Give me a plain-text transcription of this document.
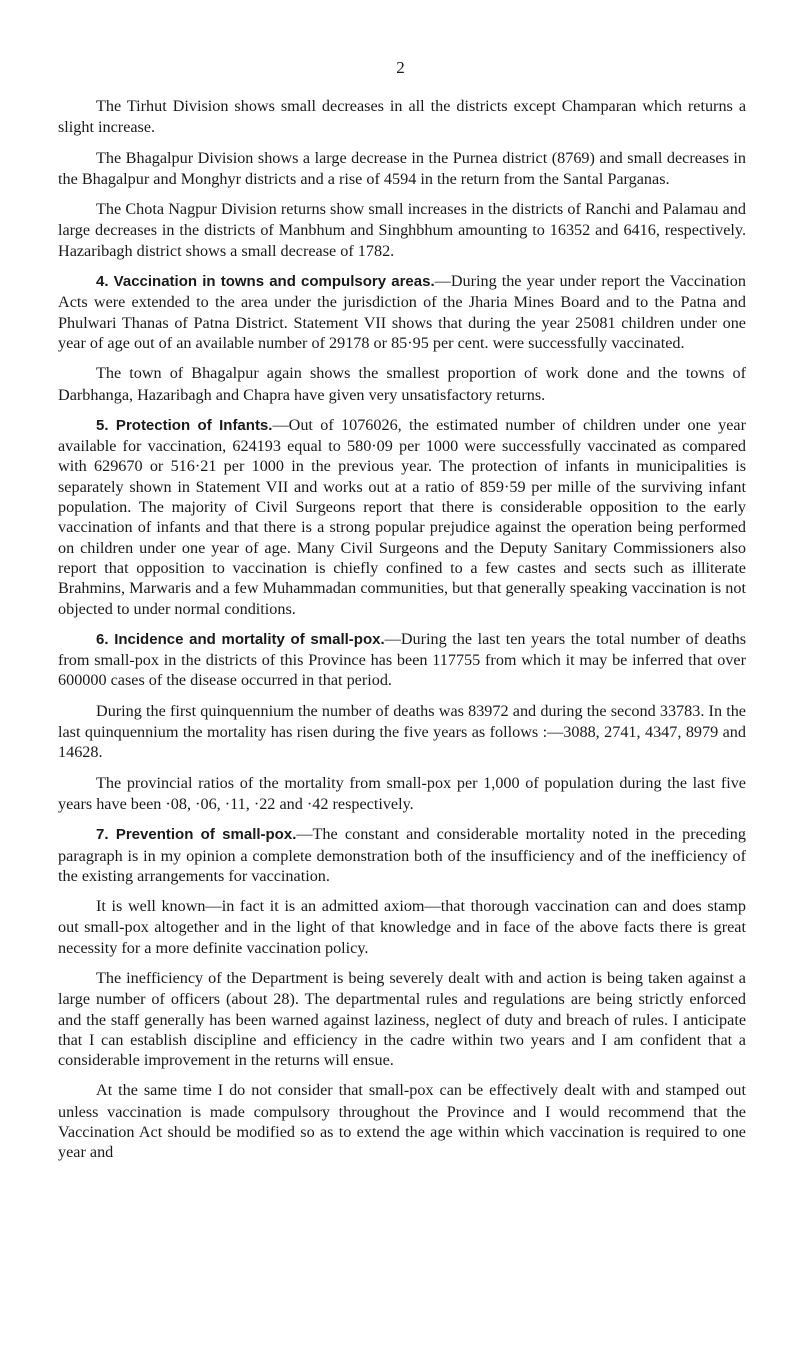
2

The Tirhut Division shows small decreases in all the districts except Champaran which returns a slight increase.

The Bhagalpur Division shows a large decrease in the Purnea district (8769) and small decreases in the Bhagalpur and Monghyr districts and a rise of 4594 in the return from the Santal Parganas.

The Chota Nagpur Division returns show small increases in the districts of Ranchi and Palamau and large decreases in the districts of Manbhum and Singhbhum amounting to 16352 and 6416, respectively. Hazaribagh district shows a small decrease of 1782.

4. Vaccination in towns and compulsory areas.—During the year under report the Vaccination Acts were extended to the area under the jurisdiction of the Jharia Mines Board and to the Patna and Phulwari Thanas of Patna District. Statement VII shows that during the year 25081 children under one year of age out of an available number of 29178 or 85·95 per cent. were successfully vaccinated.

The town of Bhagalpur again shows the smallest proportion of work done and the towns of Darbhanga, Hazaribagh and Chapra have given very unsatisfactory returns.

5. Protection of Infants.—Out of 1076026, the estimated number of children under one year available for vaccination, 624193 equal to 580·09 per 1000 were successfully vaccinated as compared with 629670 or 516·21 per 1000 in the previous year. The protection of infants in municipalities is separately shown in Statement VII and works out at a ratio of 859·59 per mille of the surviving infant population. The majority of Civil Surgeons report that there is considerable opposition to the early vaccination of infants and that there is a strong popular prejudice against the operation being performed on children under one year of age. Many Civil Surgeons and the Deputy Sanitary Commissioners also report that opposition to vaccination is chiefly confined to a few castes and sects such as illiterate Brahmins, Marwaris and a few Muhammadan communities, but that generally speaking vaccination is not objected to under normal conditions.

6. Incidence and mortality of small-pox.—During the last ten years the total number of deaths from small-pox in the districts of this Province has been 117755 from which it may be inferred that over 600000 cases of the disease occurred in that period.

During the first quinquennium the number of deaths was 83972 and during the second 33783. In the last quinquennium the mortality has risen during the five years as follows :—3088, 2741, 4347, 8979 and 14628.

The provincial ratios of the mortality from small-pox per 1,000 of population during the last five years have been ·08, ·06, ·11, ·22 and ·42 respectively.

7. Prevention of small-pox.—The constant and considerable mortality noted in the preceding paragraph is in my opinion a complete demonstration both of the insufficiency and of the inefficiency of the existing arrangements for vaccination.

It is well known—in fact it is an admitted axiom—that thorough vaccination can and does stamp out small-pox altogether and in the light of that knowledge and in face of the above facts there is great necessity for a more definite vaccination policy.

The inefficiency of the Department is being severely dealt with and action is being taken against a large number of officers (about 28). The departmental rules and regulations are being strictly enforced and the staff generally has been warned against laziness, neglect of duty and breach of rules. I anticipate that I can establish discipline and efficiency in the cadre within two years and I am confident that a considerable improvement in the returns will ensue.

At the same time I do not consider that small-pox can be effectively dealt with and stamped out unless vaccination is made compulsory throughout the Province and I would recommend that the Vaccination Act should be modified so as to extend the age within which vaccination is required to one year and
